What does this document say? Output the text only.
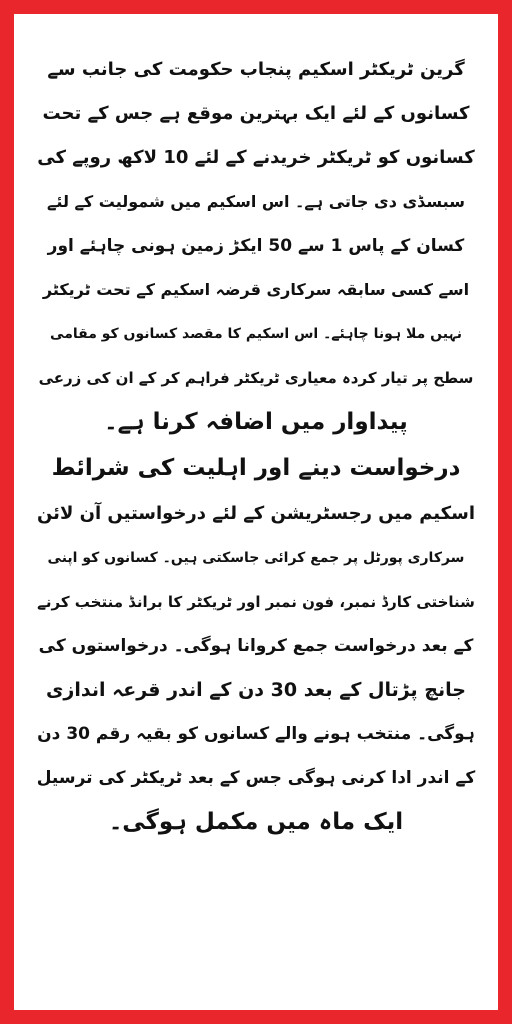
گرین ٹریکٹر اسکیم پنجاب حکومت کی جانب سے
کسانوں کے لئے ایک بہترین موقع ہے جس کے تحت
کسانوں کو ٹریکٹر خریدنے کے لئے 10 لاکھ روپے کی
سبسڈی دی جاتی ہے۔ اس اسکیم میں شمولیت کے لئے
کسان کے پاس 1 سے 50 ایکڑ زمین ہونی چاہئے اور
اسے کسی سابقہ سرکاری قرضہ اسکیم کے تحت ٹریکٹر
نہیں ملا ہونا چاہئے۔ اس اسکیم کا مقصد کسانوں کو مقامی
سطح پر تیار کردہ معیاری ٹریکٹر فراہم کر کے ان کی زرعی
پیداوار میں اضافہ کرنا ہے۔
درخواست دینے اور اہلیت کی شرائط
اسکیم میں رجسٹریشن کے لئے درخواستیں آن لائن
سرکاری پورٹل پر جمع کرائی جاسکتی ہیں۔ کسانوں کو اپنی
شناختی کارڈ نمبر، فون نمبر اور ٹریکٹر کا برانڈ منتخب کرنے
کے بعد درخواست جمع کروانا ہوگی۔ درخواستوں کی
جانچ پڑتال کے بعد 30 دن کے اندر قرعہ اندازی
ہوگی۔ منتخب ہونے والے کسانوں کو بقیہ رقم 30 دن
کے اندر ادا کرنی ہوگی جس کے بعد ٹریکٹر کی ترسیل
ایک ماہ میں مکمل ہوگی۔
